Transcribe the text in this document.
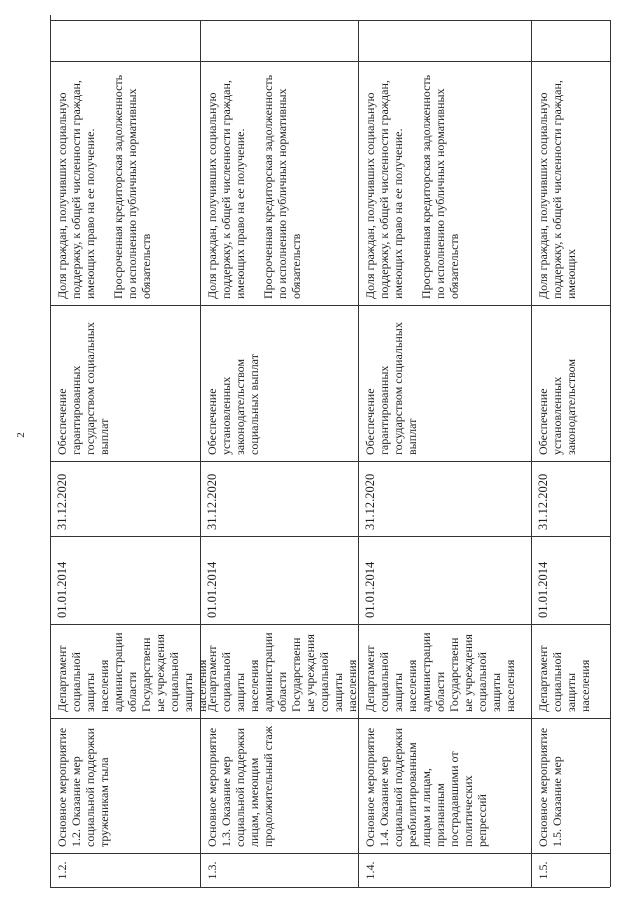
2
1.2.
Основное мероприятие 1.2. Оказание мер социальной поддержки труженикам тыла
Департамент социальной защиты населения администрации области
Государственные учреждения социальной защиты населения
01.01.2014
31.12.2020
Обеспечение гарантированных государством социальных выплат
Доля граждан, получивших социальную поддержку, к общей численности граждан, имеющих право на ее получение.

Просроченная кредиторская задолженность по исполнению публичных нормативных обязательств
1.3.
Основное мероприятие 1.3. Оказание мер социальной поддержки лицам, имеющим продолжительный стаж
Департамент социальной защиты населения администрации области
Государственные учреждения социальной защиты населения
01.01.2014
31.12.2020
Обеспечение установленных законодательством социальных выплат
Доля граждан, получивших социальную поддержку, к общей численности граждан, имеющих право на ее получение.

Просроченная кредиторская задолженность по исполнению публичных нормативных обязательств
1.4.
Основное мероприятие 1.4. Оказание мер социальной поддержки реабилитированным лицам и лицам, признанным пострадавшими от политических репрессий
Департамент социальной защиты населения администрации области
Государственные учреждения социальной защиты населения
01.01.2014
31.12.2020
Обеспечение гарантированных государством социальных выплат
Доля граждан, получивших социальную поддержку, к общей численности граждан, имеющих право на ее получение.

Просроченная кредиторская задолженность по исполнению публичных нормативных обязательств
1.5.
Основное мероприятие 1.5. Оказание мер
Департамент социальной защиты населения
01.01.2014
31.12.2020
Обеспечение установленных законодательством
Доля граждан, получивших социальную поддержку, к общей численности граждан, имеющих
